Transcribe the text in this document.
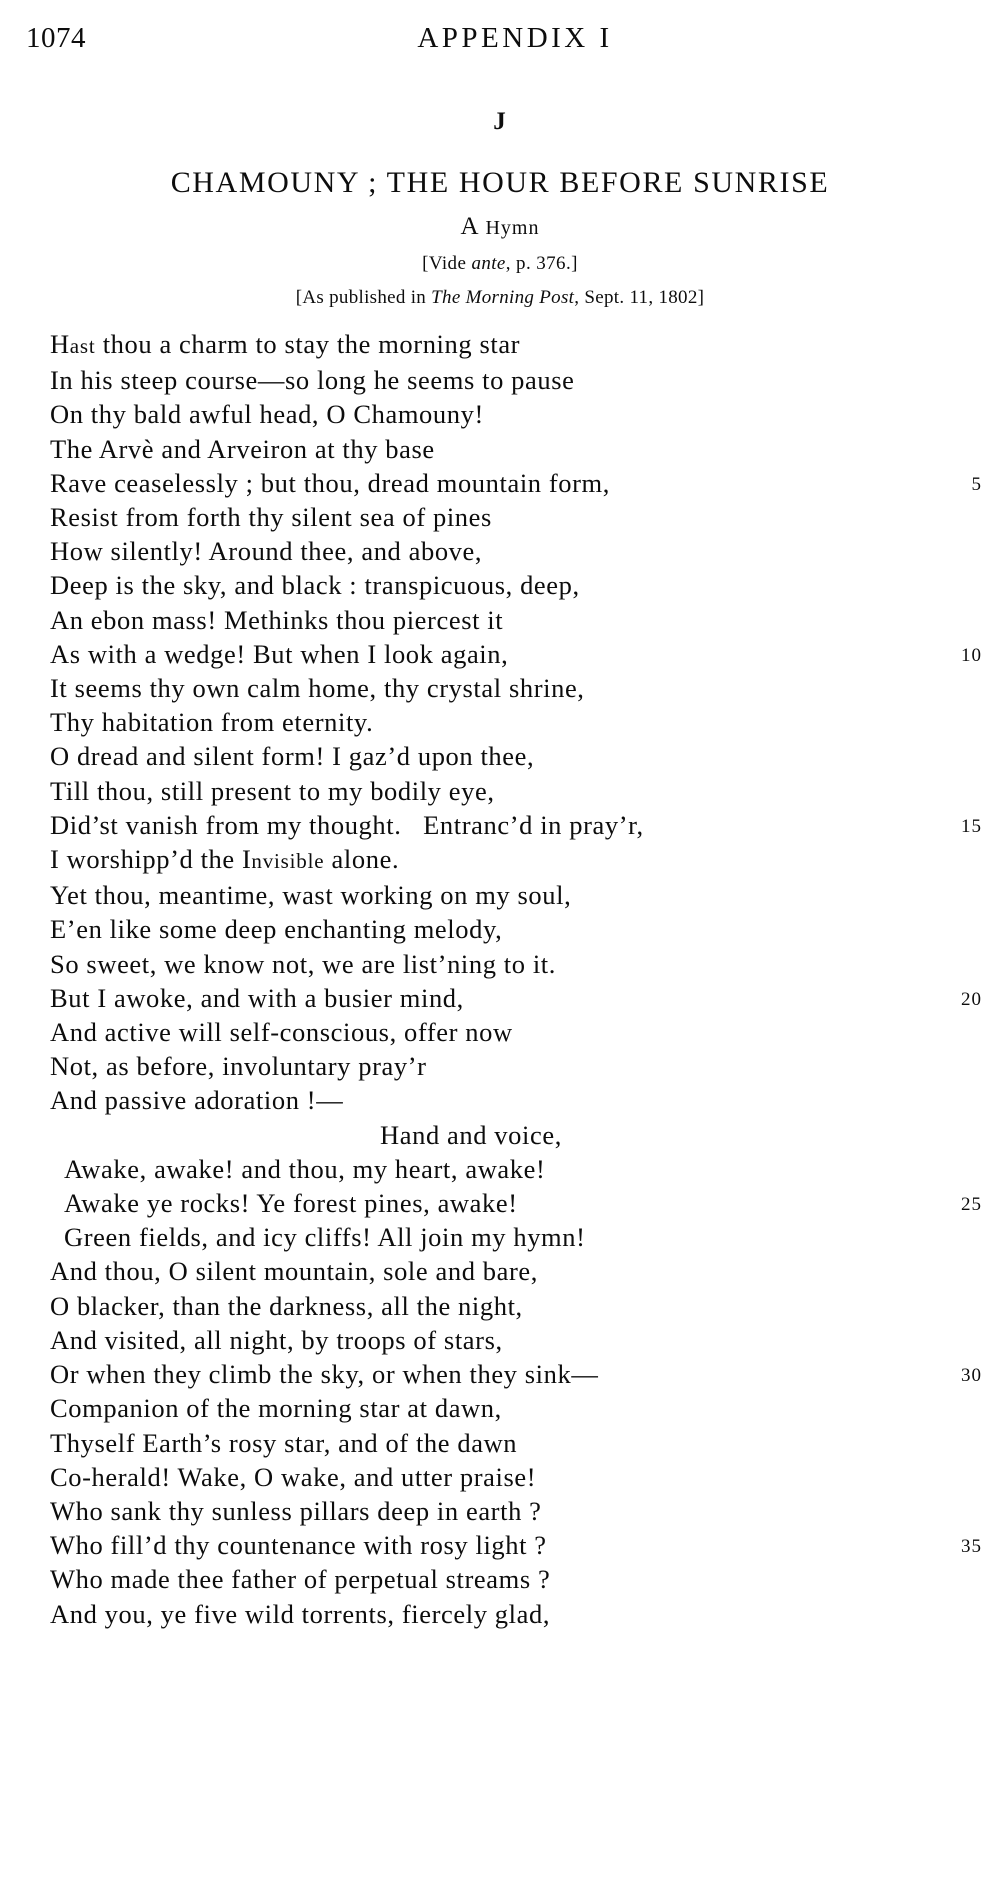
1074	APPENDIX I
J
CHAMOUNY ; THE HOUR BEFORE SUNRISE
A Hymn
[Vide ante, p. 376.]
[As published in The Morning Post, Sept. 11, 1802]
Hast thou a charm to stay the morning star
In his steep course—so long he seems to pause
On thy bald awful head, O Chamouny!
The Arvè and Arveiron at thy base
Rave ceaselessly ; but thou, dread mountain form,	5
Resist from forth thy silent sea of pines
How silently! Around thee, and above,
Deep is the sky, and black : transpicuous, deep,
An ebon mass! Methinks thou piercest it
As with a wedge! But when I look again,	10
It seems thy own calm home, thy crystal shrine,
Thy habitation from eternity.
O dread and silent form! I gaz’d upon thee,
Till thou, still present to my bodily eye,
Did’st vanish from my thought.   Entranc’d in pray’r,	15
I worshipp’d the Invisible alone.
Yet thou, meantime, wast working on my soul,
E’en like some deep enchanting melody,
So sweet, we know not, we are list’ning to it.
But I awoke, and with a busier mind,	20
And active will self-conscious, offer now
Not, as before, involuntary pray’r
And passive adoration !—
Hand and voice,
Awake, awake! and thou, my heart, awake!
Awake ye rocks! Ye forest pines, awake!	25
Green fields, and icy cliffs! All join my hymn!
And thou, O silent mountain, sole and bare,
O blacker, than the darkness, all the night,
And visited, all night, by troops of stars,
Or when they climb the sky, or when they sink—	30
Companion of the morning star at dawn,
Thyself Earth’s rosy star, and of the dawn
Co-herald! Wake, O wake, and utter praise!
Who sank thy sunless pillars deep in earth ?
Who fill’d thy countenance with rosy light ?	35
Who made thee father of perpetual streams ?
And you, ye five wild torrents, fiercely glad,
